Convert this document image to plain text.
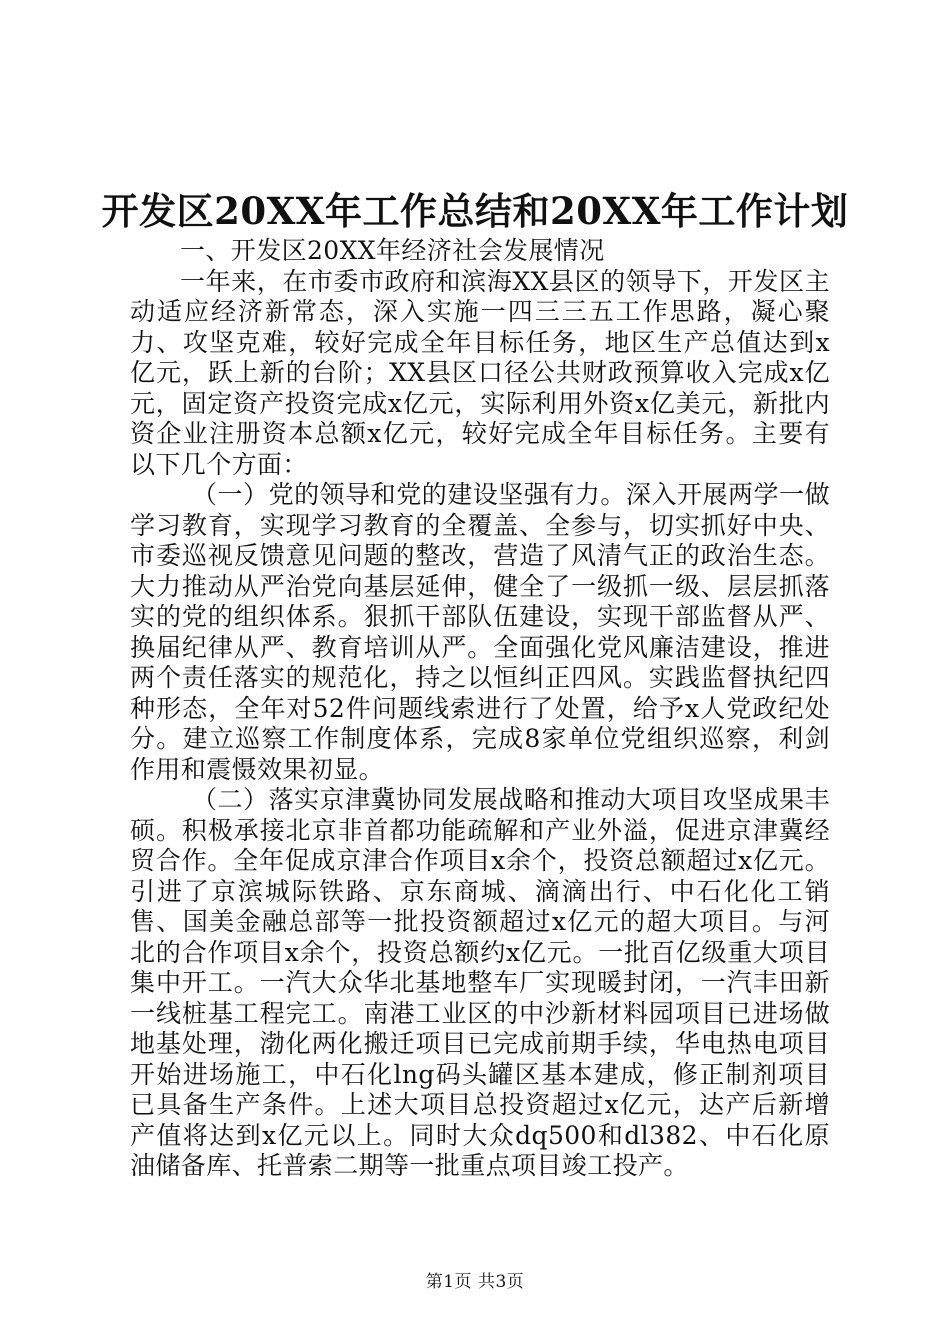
开发区20XX年工作总结和20XX年工作计划

一、开发区20XX年经济社会发展情况

一年来，在市委市政府和滨海XX县区的领导下，开发区主动适应经济新常态，深入实施一四三三五工作思路，凝心聚力、攻坚克难，较好完成全年目标任务，地区生产总值达到x亿元，跃上新的台阶；XX县区口径公共财政预算收入完成x亿元，固定资产投资完成x亿元，实际利用外资x亿美元，新批内资企业注册资本总额x亿元，较好完成全年目标任务。主要有以下几个方面：

（一）党的领导和党的建设坚强有力。深入开展两学一做学习教育，实现学习教育的全覆盖、全参与，切实抓好中央、市委巡视反馈意见问题的整改，营造了风清气正的政治生态。大力推动从严治党向基层延伸，健全了一级抓一级、层层抓落实的党的组织体系。狠抓干部队伍建设，实现干部监督从严、换届纪律从严、教育培训从严。全面强化党风廉洁建设，推进两个责任落实的规范化，持之以恒纠正四风。实践监督执纪四种形态，全年对52件问题线索进行了处置，给予x人党政纪处分。建立巡察工作制度体系，完成8家单位党组织巡察，利剑作用和震慑效果初显。

（二）落实京津冀协同发展战略和推动大项目攻坚成果丰硕。积极承接北京非首都功能疏解和产业外溢，促进京津冀经贸合作。全年促成京津合作项目x余个，投资总额超过x亿元。引进了京滨城际铁路、京东商城、滴滴出行、中石化化工销售、国美金融总部等一批投资额超过x亿元的超大项目。与河北的合作项目x余个，投资总额约x亿元。一批百亿级重大项目集中开工。一汽大众华北基地整车厂实现暖封闭，一汽丰田新一线桩基工程完工。南港工业区的中沙新材料园项目已进场做地基处理，渤化两化搬迁项目已完成前期手续，华电热电项目开始进场施工，中石化lng码头罐区基本建成，修正制剂项目已具备生产条件。上述大项目总投资超过x亿元，达产后新增产值将达到x亿元以上。同时大众dq500和dl382、中石化原油储备库、托普索二期等一批重点项目竣工投产。

第1页 共3页
